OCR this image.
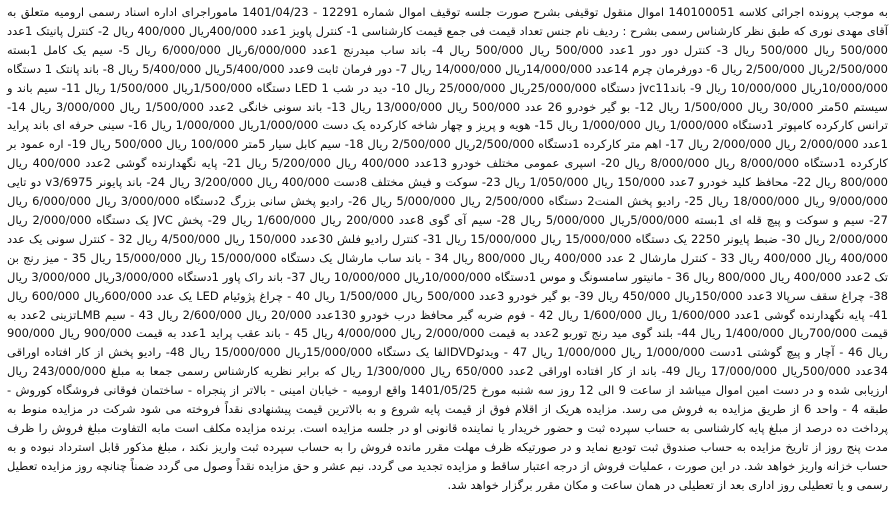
به موجب پرونده اجرائی کلاسه 140100051 اموال منقول توقیفی بشرح صورت جلسه توقیف اموال شماره 12291 - 1401/04/23 ماموراجرای اداره اسناد رسمی ارومیه متعلق به آقای مهدی نوری که طبق نظر کارشناس رسمی بشرح : ردیف نام جنس تعداد قیمت فی جمع قیمت کارشناسی 1- کنترل پاویز 1عدد 400/000ریال 400/000 ریال 2- کنترل پانیتک 1عدد 500/000 ریال 500/000 ریال 3- کنترل دور دور 1عدد 500/000 ریال 500/000 ریال 4- باند ساب میدرنج 1عدد 6/000/000ریال 6/000/000 ریال 5- سیم یک کامل 1بسته 2/500/000ریال 2/500/000 ریال 6- دورفرمان چرم 14عدد 14/000/000ریال 14/000/000 ریال 7- دور فرمان ثابت 9عدد 5/400/000ریال 5/400/000 ریال 8- باند پانتک 1 دستگاه 10/000/000ریال 10/000/000 ریال 9- باندjvc11 دستگاه 25/000/000ریال 25/000/000 ریال 10- دید در شب LED 1 دستگاه 1/500/000ریال 1/500/000 ریال 11- سیم باند و سیستم 50متر 30/000 ریال 1/500/000 ریال 12- بو گیر خودرو 26 عدد 500/000 ریال 13/000/000 ریال 13- باند سونی خانگی 2عدد 1/500/000 ریال 3/000/000 ریال 14- ترانس کارکرده کامپوتر 1دستگاه 1/000/000 ریال 1/000/000 ریال 15- هویه و پریز و چهار شاخه کارکرده یک دست 1/000/000ریال 1/000/000 ریال 16- سینی حرفه ای باند پراید 1عدد 2/000/000 ریال 2/000/000 ریال 17- اهم متر کارکرده 1دستگاه 2/500/000ریال 2/500/000 ریال 18- سیم کابل سیار 5متر 100/000 ریال 500/000 ریال 19- اره عمود بر کارکرده 1دستگاه 8/000/000 ریال 8/000/000 ریال 20- اسپری عمومی مختلف خودرو 13عدد 400/000 ریال 5/200/000 ریال 21- پایه نگهدارنده گوشی 2عدد 400/000 ریال 800/000 ریال 22- محافظ کلید خودرو 7عدد 150/000 ریال 1/050/000 ریال 23- سوکت و فیش مختلف 8دست 400/000 ریال 3/200/000 ریال 24- باند پایونر v3/6975 دو تایی 9/000/000 ریال 18/000/000 ریال 25- رادیو پخش المنت2 دستگاه 2/500/000 ریال 5/000/000 ریال 26- رادیو پخش سانی بزرگ 2دستگاه 3/000/000 ریال 6/000/000 ریال 27- سیم و سوکت و پیچ قله ای 1بسته 5/000/000ریال 5/000/000 ریال 28- سیم آی گوی 8عدد 200/000 ریال 1/600/000 ریال 29- پخش JVC یک دستگاه 2/000/000 ریال 2/000/000 ریال 30- ضبط پایونر 2250 یک دستگاه 15/000/000 ریال 15/000/000 ریال 31- کنترل رادیو فلش 30عدد 150/000 ریال 4/500/000 ریال 32 - کنترل سونی یک عدد 400/000 ریال 400/000 ریال 33 - کنترل مارشال 2 عدد 400/000 ریال 800/000 ریال 34 - باند ساب مارشال یک دستگاه 15/000/000 ریال 15/000/000 ریال 35 - میز رنج بن تک 2عدد 400/000 ریال 800/000 ریال 36 - مانیتور سامسونگ و موس 1دستگاه 10/000/000ریال 10/000/000 ریال 37- باند راک پاور 1دستگاه 3/000/000ریال 3/000/000 ریال 38- چراغ سقف سرپالا 3عدد 150/000ریال 450/000 ریال 39- بو گیر خودرو 3عدد 500/000 ریال 1/500/000 ریال 40 - چراغ پژوئیام LED یک عدد 600/000ریال 600/000 ریال 41- پایه نگهدارنده گوشی 1عدد 1/600/000 ریال 1/600/000 ریال 42 - فوم ضربه گیر محافظ درب خودرو 130عدد 20/000 ریال 2/600/000 ریال 43 - سیم LMBتزینی 2عدد به قیمت 700/000ریال 1/400/000 ریال 44- بلند گوی مید رنج توربو 2عدد به قیمت 2/000/000 ریال 4/000/000 ریال 45 - باند عقب پراید 1عدد به قیمت 900/000 ریال 900/000 ریال 46 - آچار و پیچ گوشتی 1دست 1/000/000 ریال 1/000/000 ریال 47 - ویدئوDVDالفا یک دستگاه 15/000/000ریال 15/000/000 ریال 48- رادیو پخش از کار افتاده اوراقی 34عدد 500/000ریال 17/000/000 ریال 49- باند از کار افتاده اوراقی 2عدد 650/000 ریال 1/300/000 ریال که برابر نظریه کارشناس رسمی جمعا به مبلغ 243/000/000 ریال ارزیابی شده و در دست امین اموال میباشد از ساعت 9 الی 12 روز سه شنبه مورخ 1401/05/25 واقع ارومیه - خیابان امینی - بالاتر از پنجراه - ساختمان فوقانی فروشگاه کوروش - طبقه 4 - واحد 6 از طریق مزایده به فروش می رسد. مزایده هریک از اقلام فوق از قیمت پایه شروع و به بالاترین قیمت پیشنهادی نقداً فروخته می شود شرکت در مزایده منوط به پرداخت ده درصد از مبلغ پایه کارشناسی به حساب سپرده ثبت و حضور خریدار یا نماینده قانونی او در جلسه مزایده است. برنده مزایده مکلف است مابه التفاوت مبلغ فروش را ظرف مدت پنج روز از تاریخ مزایده به حساب صندوق ثبت تودیع نماید و در صورتیکه ظرف مهلت مقرر مانده فروش را به حساب سپرده ثبت واریز نکند ، مبلغ مذکور قابل استرداد نبوده و به حساب خزانه واریز خواهد شد. در این صورت ، عملیات فروش از درجه اعتبار ساقط و مزایده تجدید می گردد. نیم عشر و حق مزایده نقداً وصول می گردد ضمناً چنانچه روز مزایده تعطیل رسمی و یا تعطیلی روز اداری بعد از تعطیلی در همان ساعت و مکان مقرر برگزار خواهد شد.
